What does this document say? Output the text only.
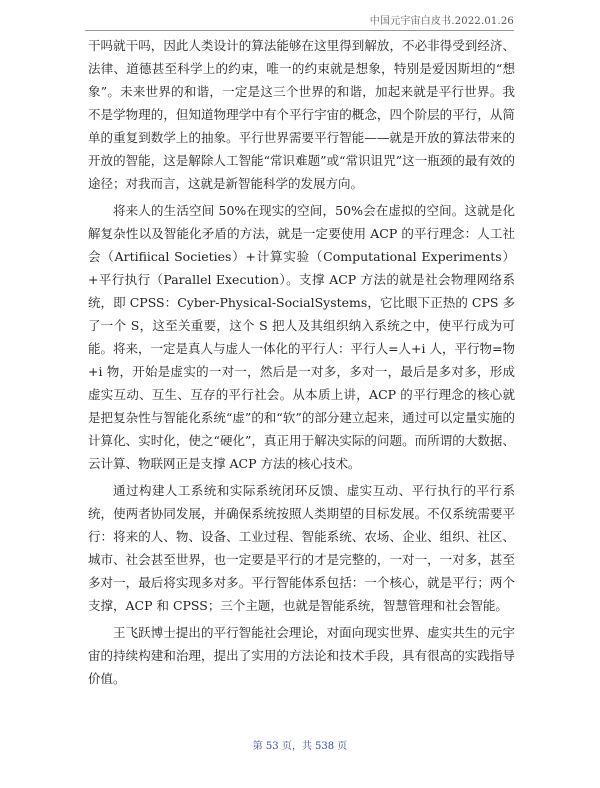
中国元宇宙白皮书.2022.01.26

干吗就干吗，因此人类设计的算法能够在这里得到解放，不必非得受到经济、法律、道德甚至科学上的约束，唯一的约束就是想象，特别是爱因斯坦的“想象”。未来世界的和谐，一定是这三个世界的和谐，加起来就是平行世界。我不是学物理的，但知道物理学中有个平行宇宙的概念，四个阶层的平行，从简单的重复到数学上的抽象。平行世界需要平行智能——就是开放的算法带来的开放的智能，这是解除人工智能“常识难题”或“常识诅咒”这一瓶颈的最有效的途径；对我而言，这就是新智能科学的发展方向。

将来人的生活空间 50%在现实的空间，50%会在虚拟的空间。这就是化解复杂性以及智能化矛盾的方法，就是一定要使用 ACP 的平行理念：人工社会（Artifiical Societies）+计算实验（Computational Experiments）+平行执行（Parallel Execution）。支撑 ACP 方法的就是社会物理网络系统，即 CPSS：Cyber-Physical-SocialSystems，它比眼下正热的 CPS 多了一个 S，这至关重要，这个 S 把人及其组织纳入系统之中，使平行成为可能。将来，一定是真人与虚人一体化的平行人：平行人=人+i 人，平行物=物+i 物，开始是虚实的一对一，然后是一对多，多对一，最后是多对多，形成虚实互动、互生、互存的平行社会。从本质上讲，ACP 的平行理念的核心就是把复杂性与智能化系统“虚”的和“软”的部分建立起来，通过可以定量实施的计算化、实时化，使之“硬化”，真正用于解决实际的问题。而所谓的大数据、云计算、物联网正是支撑 ACP 方法的核心技术。

通过构建人工系统和实际系统闭环反馈、虚实互动、平行执行的平行系统，使两者协同发展，并确保系统按照人类期望的目标发展。不仅系统需要平行：将来的人、物、设备、工业过程、智能系统、农场、企业、组织、社区、城市、社会甚至世界，也一定要是平行的才是完整的，一对一，一对多，甚至多对一，最后将实现多对多。平行智能体系包括：一个核心，就是平行；两个支撑，ACP 和 CPSS；三个主题，也就是智能系统，智慧管理和社会智能。

王飞跃博士提出的平行智能社会理论，对面向现实世界、虚实共生的元宇宙的持续构建和治理，提出了实用的方法论和技术手段，具有很高的实践指导价值。

第 53 页，共 538 页
